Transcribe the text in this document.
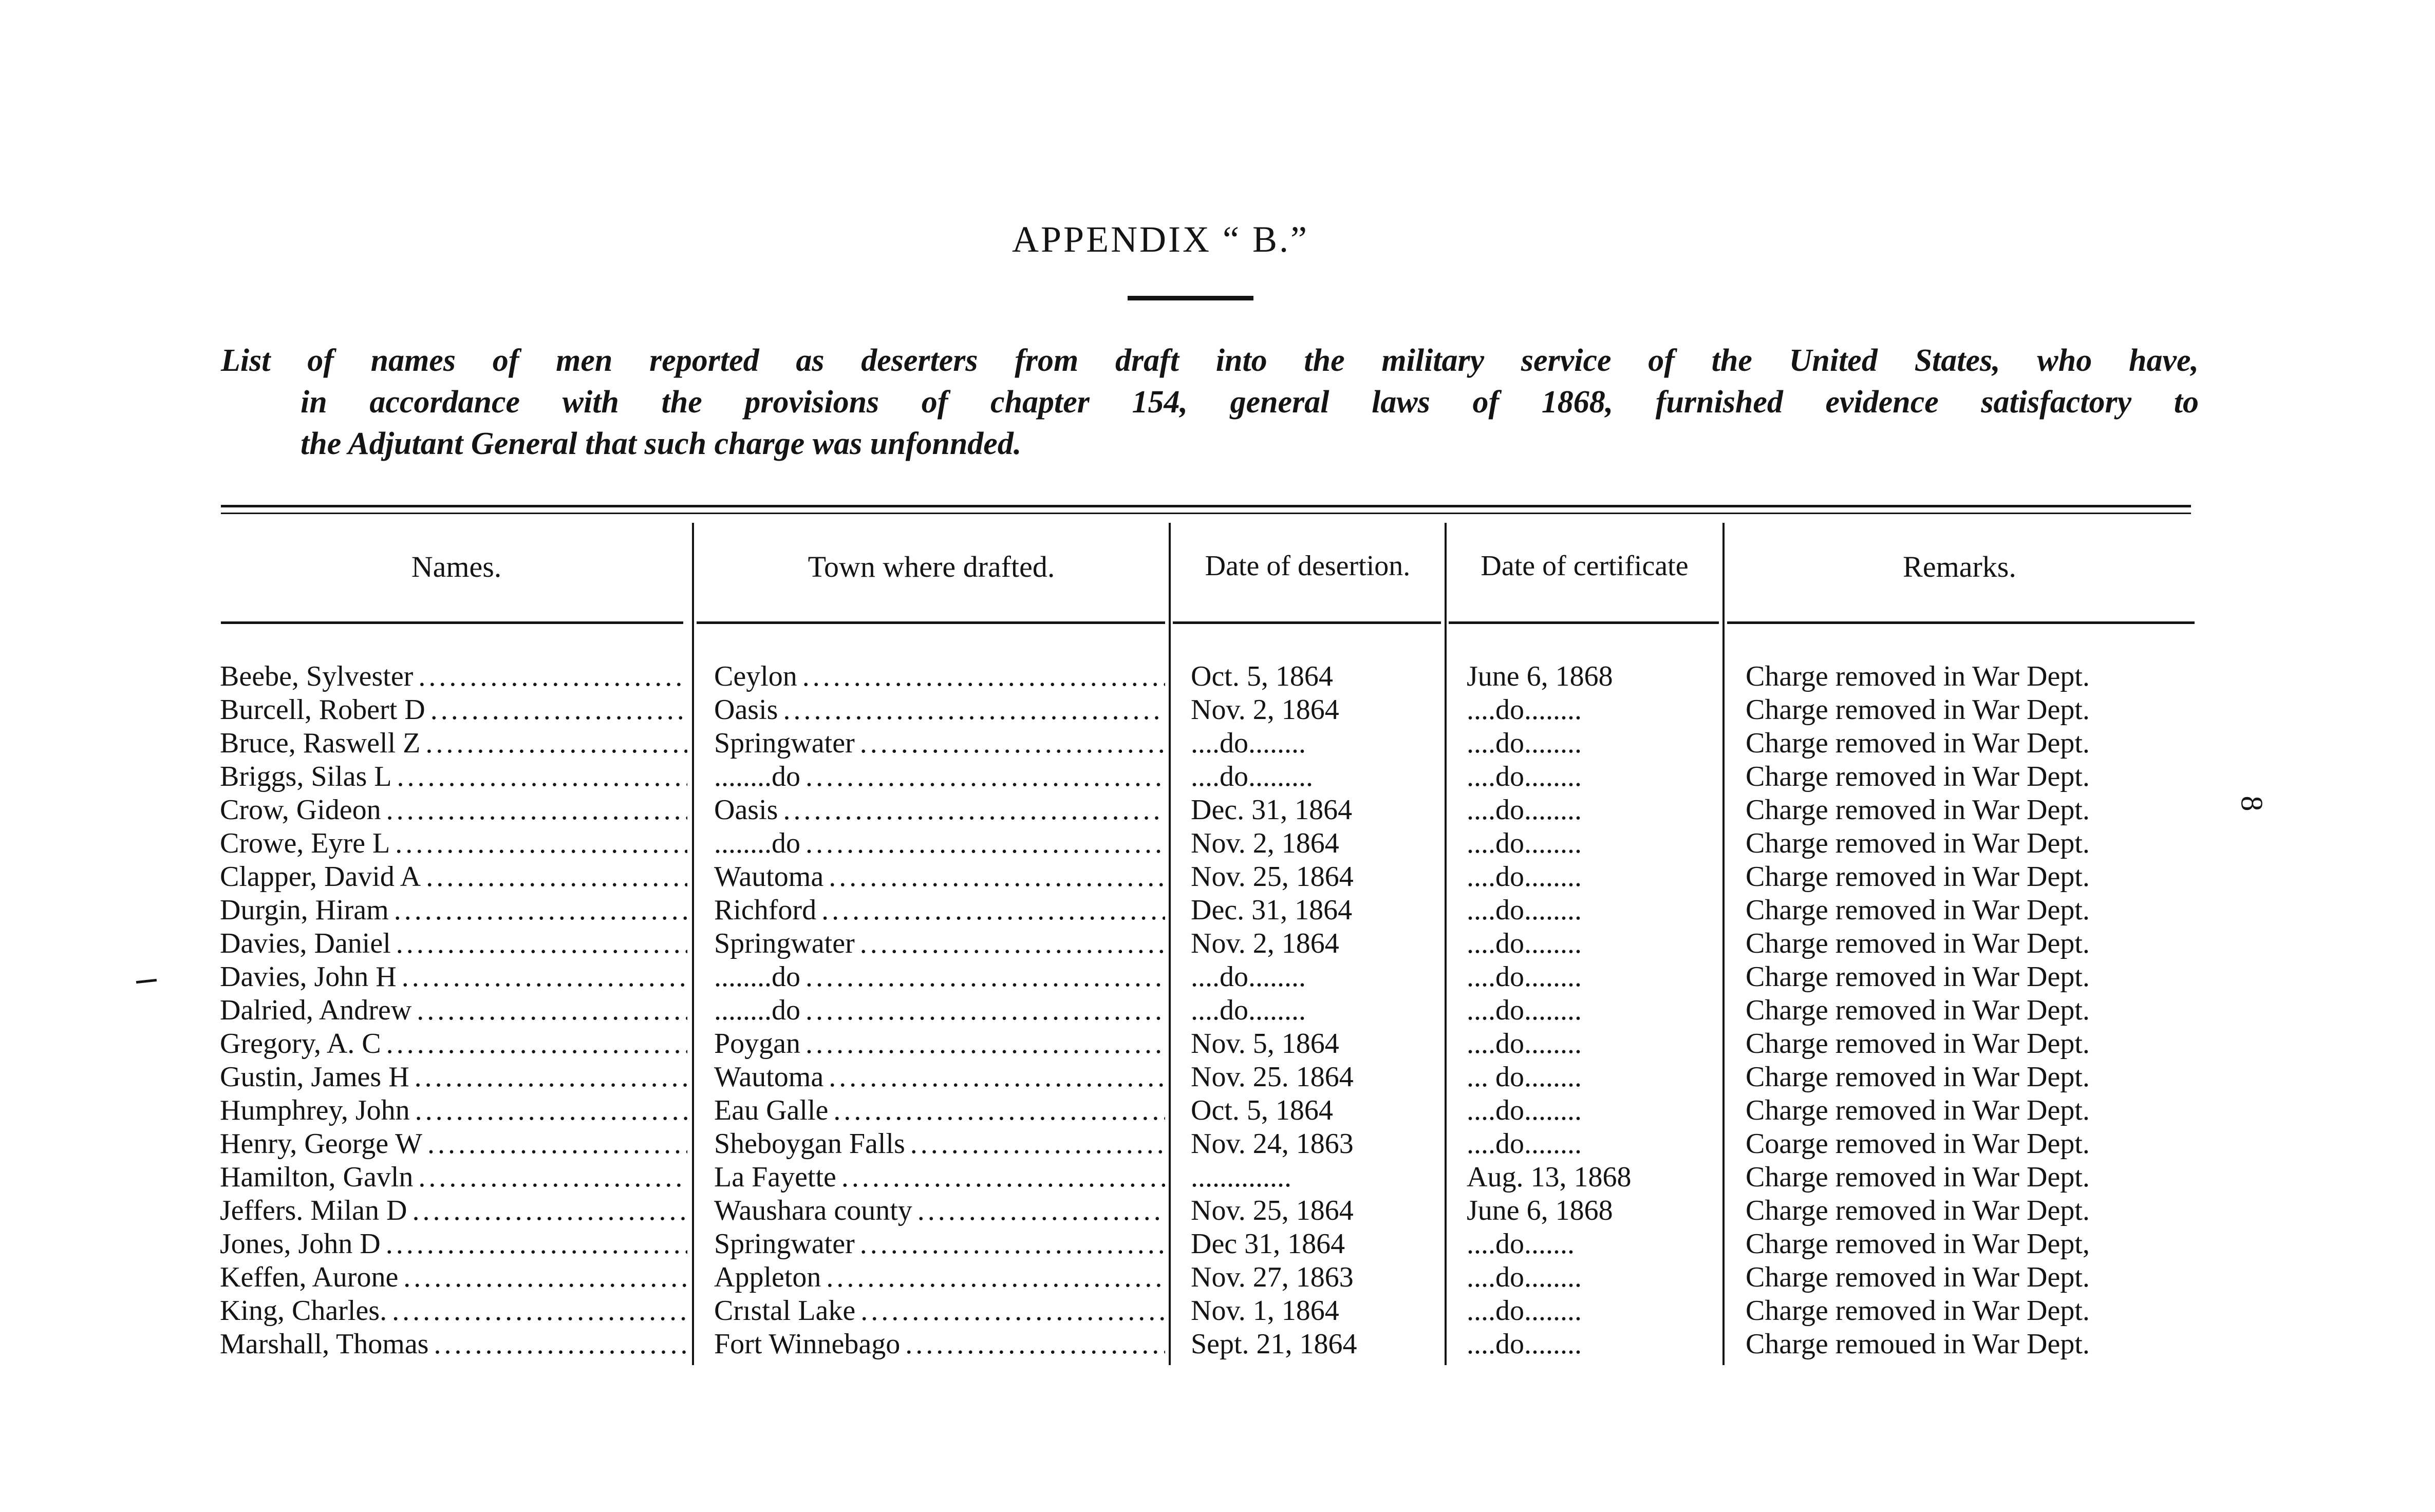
APPENDIX “ B.”
List of names of men reported as deserters from draft into the military service of the United States, who have,
in accordance with the provisions of chapter 154, general laws of 1868, furnished evidence satisfactory to
the Adjutant General that such charge was unfonnded.
Names.	Town where drafted.	Date of desertion.	Date of certificate	Remarks.
Beebe, Sylvester . . .	Ceylon . . .	Oct. 5, 1864	June 6, 1868	Charge removed in War Dept.
Burcell, Robert D . . .	Oasis . . .	Nov. 2, 1864	....do........	Charge removed in War Dept.
Bruce, Raswell Z . . .	Springwater . . .	....do........	....do........	Charge removed in War Dept.
Briggs, Silas L . . .	........do . . .	....do.........	....do........	Charge removed in War Dept.
Crow, Gideon . . .	Oasis . . .	Dec. 31, 1864	....do........	Charge removed in War Dept.
Crowe, Eyre L . . .	........do . . .	Nov. 2, 1864	....do........	Charge removed in War Dept.
Clapper, David A . . .	Wautoma . . .	Nov. 25, 1864	....do........	Charge removed in War Dept.
Durgin, Hiram . . .	Richford . . .	Dec. 31, 1864	....do........	Charge removed in War Dept.
Davies, Daniel . . .	Springwater . . .	Nov. 2, 1864	....do........	Charge removed in War Dept.
Davies, John H . . .	........do . . .	....do........	....do........	Charge removed in War Dept.
Dalried, Andrew . . .	........do . . .	....do........	....do........	Charge removed in War Dept.
Gregory, A. C . . .	Poygan . . .	Nov. 5, 1864	....do........	Charge removed in War Dept.
Gustin, James H . . .	Wautoma . . .	Nov. 25. 1864	... do........	Charge removed in War Dept.
Humphrey, John . . .	Eau Galle . . .	Oct. 5, 1864	....do........	Charge removed in War Dept.
Henry, George W . . .	Sheboygan Falls . . .	Nov. 24, 1863	....do........	Coarge removed in War Dept.
Hamilton, Gavln . . .	La Fayette . . .	..............	Aug. 13, 1868	Charge removed in War Dept.
Jeffers. Milan D . . .	Waushara county . . .	Nov. 25, 1864	June 6, 1868	Charge removed in War Dept.
Jones, John D . . .	Springwater . . .	Dec 31, 1864	....do.......	Charge removed in War Dept,
Keffen, Aurone . . .	Appleton . . .	Nov. 27, 1863	....do........	Charge removed in War Dept.
King, Charles. . . .	Crıstal Lake . . .	Nov. 1, 1864	....do........	Charge removed in War Dept.
Marshall, Thomas . . .	Fort Winnebago . . .	Sept. 21, 1864	....do........	Charge remoued in War Dept.
8
